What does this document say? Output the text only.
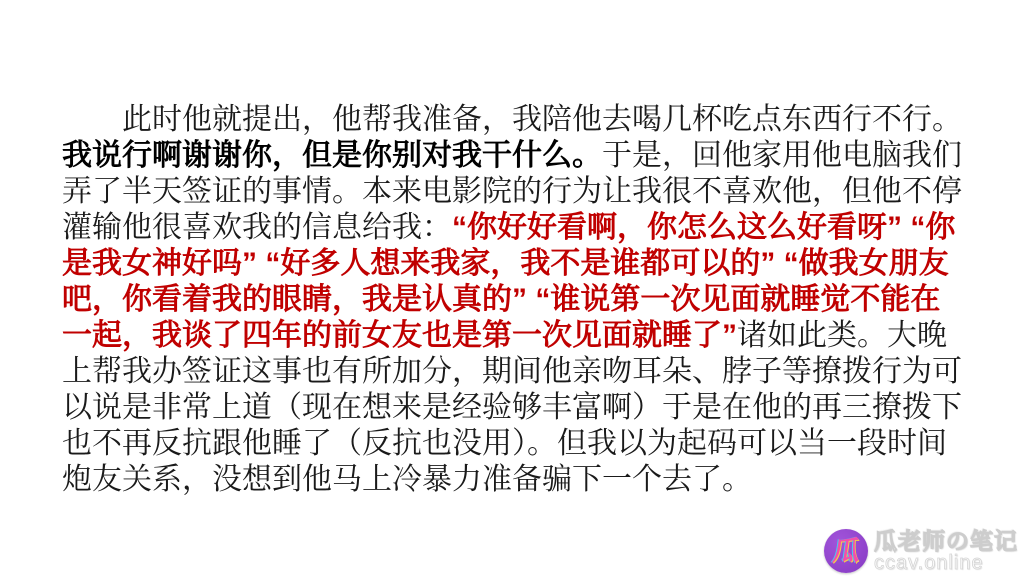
此时他就提出，他帮我准备，我陪他去喝几杯吃点东西行不行。我说行啊谢谢你，但是你别对我干什么。于是，回他家用他电脑我们弄了半天签证的事情。本来电影院的行为让我很不喜欢他，但他不停灌输他很喜欢我的信息给我：“你好好看啊，你怎么这么好看呀” “你是我女神好吗” “好多人想来我家，我不是谁都可以的” “做我女朋友吧，你看着我的眼睛，我是认真的” “谁说第一次见面就睡觉不能在一起，我谈了四年的前女友也是第一次见面就睡了”诸如此类。大晚上帮我办签证这事也有所加分，期间他亲吻耳朵、脖子等撩拨行为可以说是非常上道（现在想来是经验够丰富啊）于是在他的再三撩拨下也不再反抗跟他睡了（反抗也没用）。但我以为起码可以当一段时间炮友关系，没想到他马上冷暴力准备骗下一个去了。

瓜 瓜老师の笔记
ccav.online
